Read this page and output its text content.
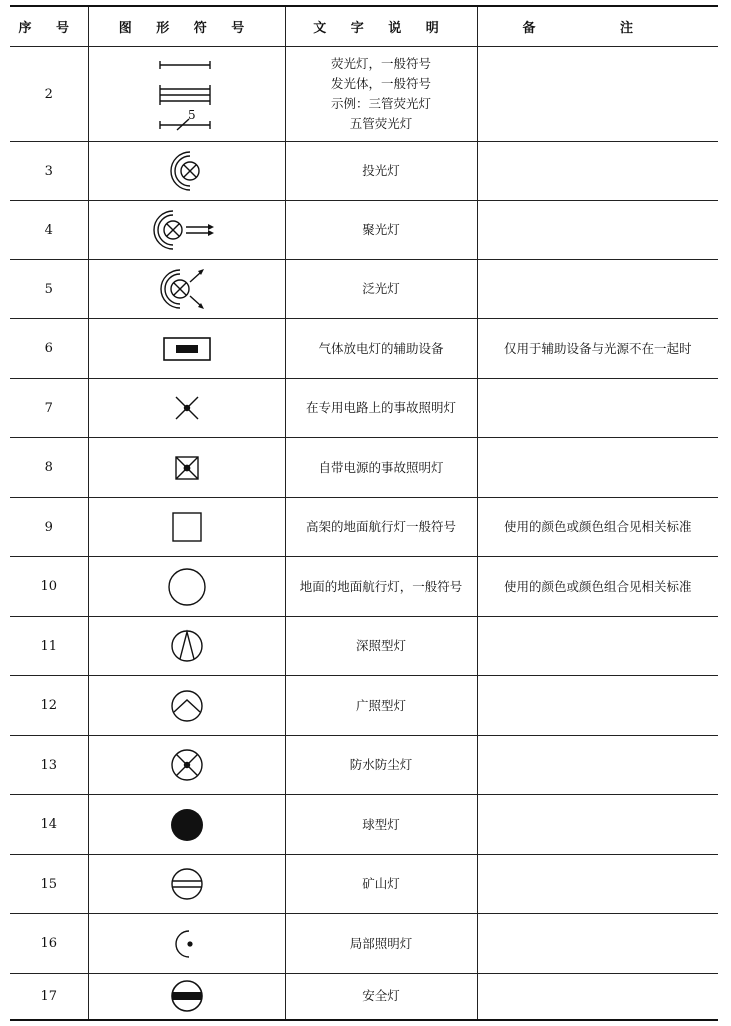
序 号	图 形 符 号	文 字 说 明	备 注
2	5	荧光灯，一般符号
发光体，一般符号
示例：三管荧光灯
五管荧光灯	

3		投光灯	
4		聚光灯	
5		泛光灯	
6		气体放电灯的辅助设备	仅用于辅助设备与光源不在一起时
7		在专用电路上的事故照明灯	
8		自带电源的事故照明灯	
9		高架的地面航行灯一般符号	使用的颜色或颜色组合见相关标准
10		地面的地面航行灯，一般符号	使用的颜色或颜色组合见相关标准
11		深照型灯	
12		广照型灯	
13		防水防尘灯	
14		球型灯	
15		矿山灯	
16		局部照明灯	
17		安全灯	
